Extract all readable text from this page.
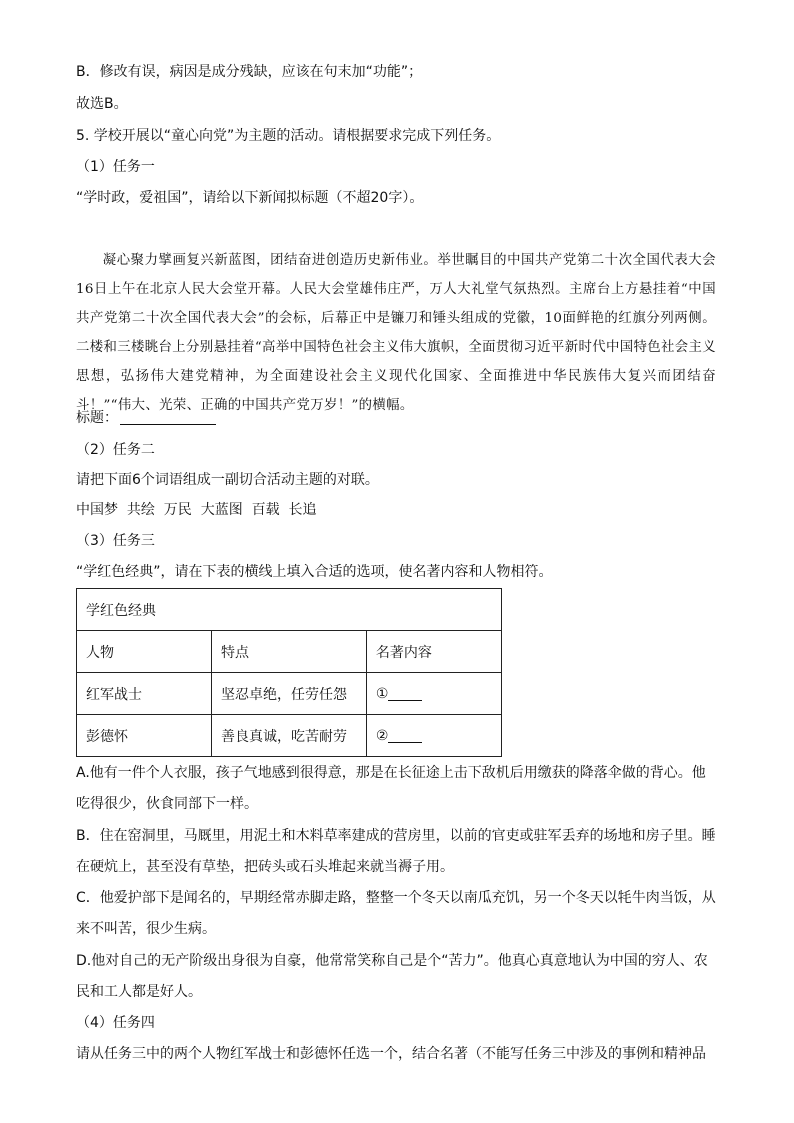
B．修改有误，病因是成分残缺，应该在句末加“功能”；
故选B。
5. 学校开展以“童心向党”为主题的活动。请根据要求完成下列任务。
（1）任务一
“学时政，爱祖国”，请给以下新闻拟标题（不超20字）。

凝心聚力擘画复兴新蓝图，团结奋进创造历史新伟业。举世瞩目的中国共产党第二十次全国代表大会16日上午在北京人民大会堂开幕。人民大会堂雄伟庄严，万人大礼堂气氛热烈。主席台上方悬挂着“中国共产党第二十次全国代表大会”的会标，后幕正中是镰刀和锤头组成的党徽，10面鲜艳的红旗分列两侧。二楼和三楼眺台上分别悬挂着“高举中国特色社会主义伟大旗帜，全面贯彻习近平新时代中国特色社会主义思想，弘扬伟大建党精神，为全面建设社会主义现代化国家、全面推进中华民族伟大复兴而团结奋斗！”“伟大、光荣、正确的中国共产党万岁！”的横幅。

标题：
（2）任务二
请把下面6个词语组成一副切合活动主题的对联。
中国梦  共绘  万民  大蓝图  百载  长追
（3）任务三
“学红色经典”，请在下表的横线上填入合适的选项，使名著内容和人物相符。
学红色经典		
人物	特点	名著内容
红军战士	坚忍卓绝，任劳任怨	①
彭德怀	善良真诚，吃苦耐劳	②
A.他有一件个人衣服，孩子气地感到很得意，那是在长征途上击下敌机后用缴获的降落伞做的背心。他
吃得很少，伙食同部下一样。
B．住在窑洞里，马厩里，用泥土和木料草率建成的营房里，以前的官吏或驻军丢弃的场地和房子里。睡
在硬炕上，甚至没有草垫，把砖头或石头堆起来就当褥子用。
C．他爱护部下是闻名的，早期经常赤脚走路，整整一个冬天以南瓜充饥，另一个冬天以牦牛肉当饭，从
来不叫苦，很少生病。
D.他对自己的无产阶级出身很为自豪，他常常笑称自己是个“苦力”。他真心真意地认为中国的穷人、农
民和工人都是好人。
（4）任务四
请从任务三中的两个人物红军战士和彭德怀任选一个，结合名著（不能写任务三中涉及的事例和精神品
